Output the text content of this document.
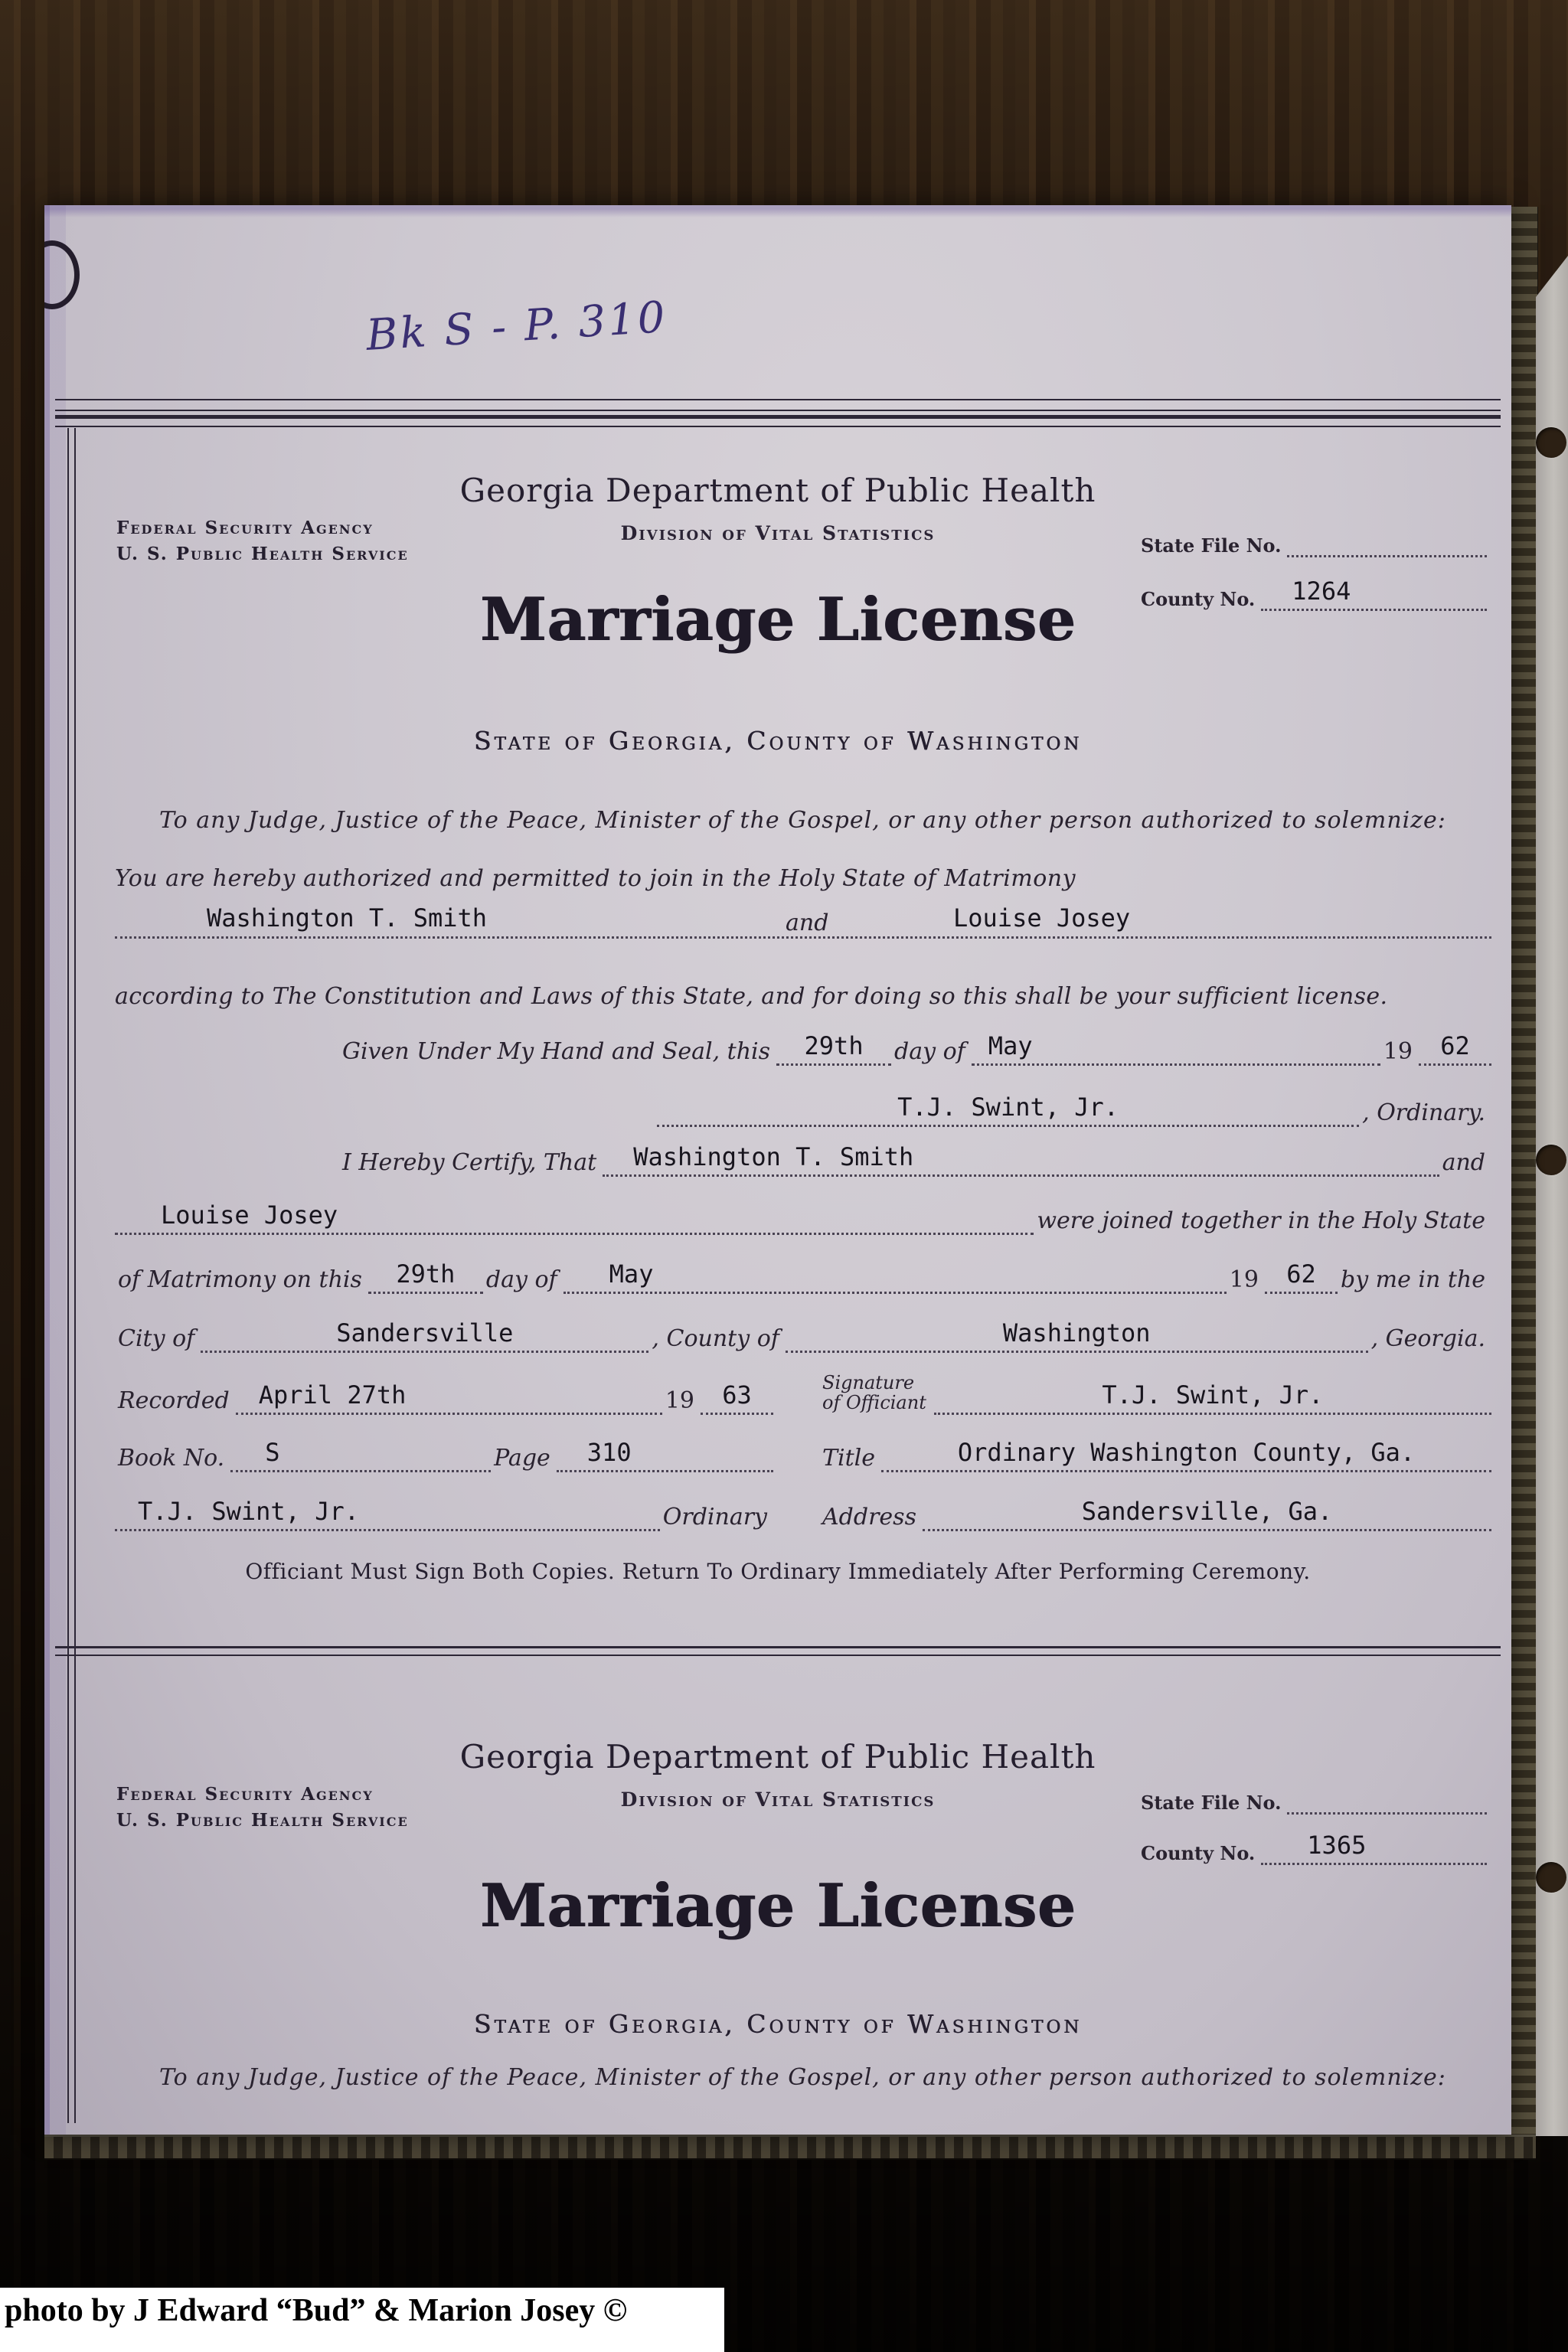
Bk S - P. 310
Georgia Department of Public Health
Federal Security Agency
U. S. Public Health Service
Division of Vital Statistics
State File No.
County No. 1264
Marriage License
State of Georgia, County of Washington
To any Judge, Justice of the Peace, Minister of the Gospel, or any other person authorized to solemnize:
You are hereby authorized and permitted to join in the Holy State of Matrimony
Washington T. Smith	and	Louise Josey
according to The Constitution and Laws of this State, and for doing so this shall be your sufficient license.
Given Under My Hand and Seal, this 29th day of May	19 62
T.J. Swint, Jr.	, Ordinary.
I Hereby Certify, That Washington T. Smith	and
Louise Josey	were joined together in the Holy State
of Matrimony on this 29th day of May	19 62 by me in the
City of	Sandersville	, County of	Washington	, Georgia.
Recorded April 27th	19 63	Signature
of Officiant	T.J. Swint, Jr.
Book No. S	Page 310	Title	Ordinary Washington County, Ga.
T.J. Swint, Jr.	Ordinary Address	Sandersville, Ga.
Officiant Must Sign Both Copies. Return To Ordinary Immediately After Performing Ceremony.
Georgia Department of Public Health
Federal Security Agency
U. S. Public Health Service
Division of Vital Statistics	State File No.
County No. 1365
Marriage License
State of Georgia, County of Washington
To any Judge, Justice of the Peace, Minister of the Gospel, or any other person authorized to solemnize:
photo by J Edward “Bud” & Marion Josey ©
